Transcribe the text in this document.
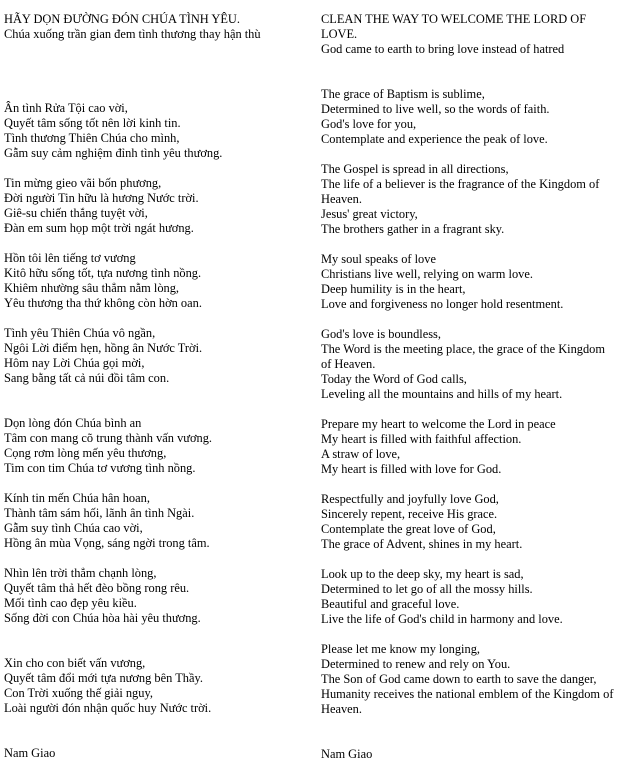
HÃY DỌN ĐƯỜNG ĐÓN CHÚA TÌNH YÊU.
Chúa xuống trần gian đem tình thương thay hận thù
Ân tình Rửa Tội cao vời,
Quyết tâm sống tốt nên lời kinh tin.
Tình thương Thiên Chúa cho mình,
Gẫm suy cảm nghiệm đỉnh tình yêu thương.
Tin mừng gieo vãi bốn phương,
Đời người Tin hữu là hương Nước trời.
Giê-su chiến thắng tuyệt vời,
Đàn em sum họp một trời ngát hương.
Hồn tôi lên tiếng tơ vương
Kitô hữu sống tốt, tựa nương tình nồng.
Khiêm nhường sâu thẳm nằm lòng,
Yêu thương tha thứ không còn hờn oan.
Tình yêu Thiên Chúa vô ngần,
Ngôi Lời điểm hẹn, hồng ân Nước Trời.
Hôm nay Lời Chúa gọi mời,
Sang bằng tất cả núi đồi tâm con.
Dọn lòng đón Chúa bình an
Tâm con mang cõ trung thành vấn vương.
Cọng rơm lòng mến yêu thương,
Tim con tim Chúa tơ vương tình nồng.
Kính tin mến Chúa hân hoan,
Thành tâm sám hối, lãnh ân tình Ngài.
Gẫm suy tình Chúa cao vời,
Hồng ân mùa Vọng, sáng ngời trong tâm.
Nhìn lên trời thẳm chạnh lòng,
Quyết tâm thả hết đèo bồng rong rêu.
Mối tình cao đẹp yêu kiều.
Sống đời con Chúa hòa hài yêu thương.
Xin cho con biết vấn vương,
Quyết tâm đổi mới tựa nương bên Thầy.
Con Trời xuống thế giải nguy,
Loài người đón nhận quốc huy Nước trời.
Nam Giao
CLEAN THE WAY TO WELCOME THE LORD OF
LOVE.
God came to earth to bring love instead of hatred
The grace of Baptism is sublime,
Determined to live well, so the words of faith.
God's love for you,
Contemplate and experience the peak of love.
The Gospel is spread in all directions,
The life of a believer is the fragrance of the Kingdom of
Heaven.
Jesus' great victory,
The brothers gather in a fragrant sky.
My soul speaks of love
Christians live well, relying on warm love.
Deep humility is in the heart,
Love and forgiveness no longer hold resentment.
God's love is boundless,
The Word is the meeting place, the grace of the Kingdom
of Heaven.
Today the Word of God calls,
Leveling all the mountains and hills of my heart.
Prepare my heart to welcome the Lord in peace
My heart is filled with faithful affection.
A straw of love,
My heart is filled with love for God.
Respectfully and joyfully love God,
Sincerely repent, receive His grace.
Contemplate the great love of God,
The grace of Advent, shines in my heart.
Look up to the deep sky, my heart is sad,
Determined to let go of all the mossy hills.
Beautiful and graceful love.
Live the life of God's child in harmony and love.
Please let me know my longing,
Determined to renew and rely on You.
The Son of God came down to earth to save the danger,
Humanity receives the national emblem of the Kingdom of
Heaven.
Nam Giao
